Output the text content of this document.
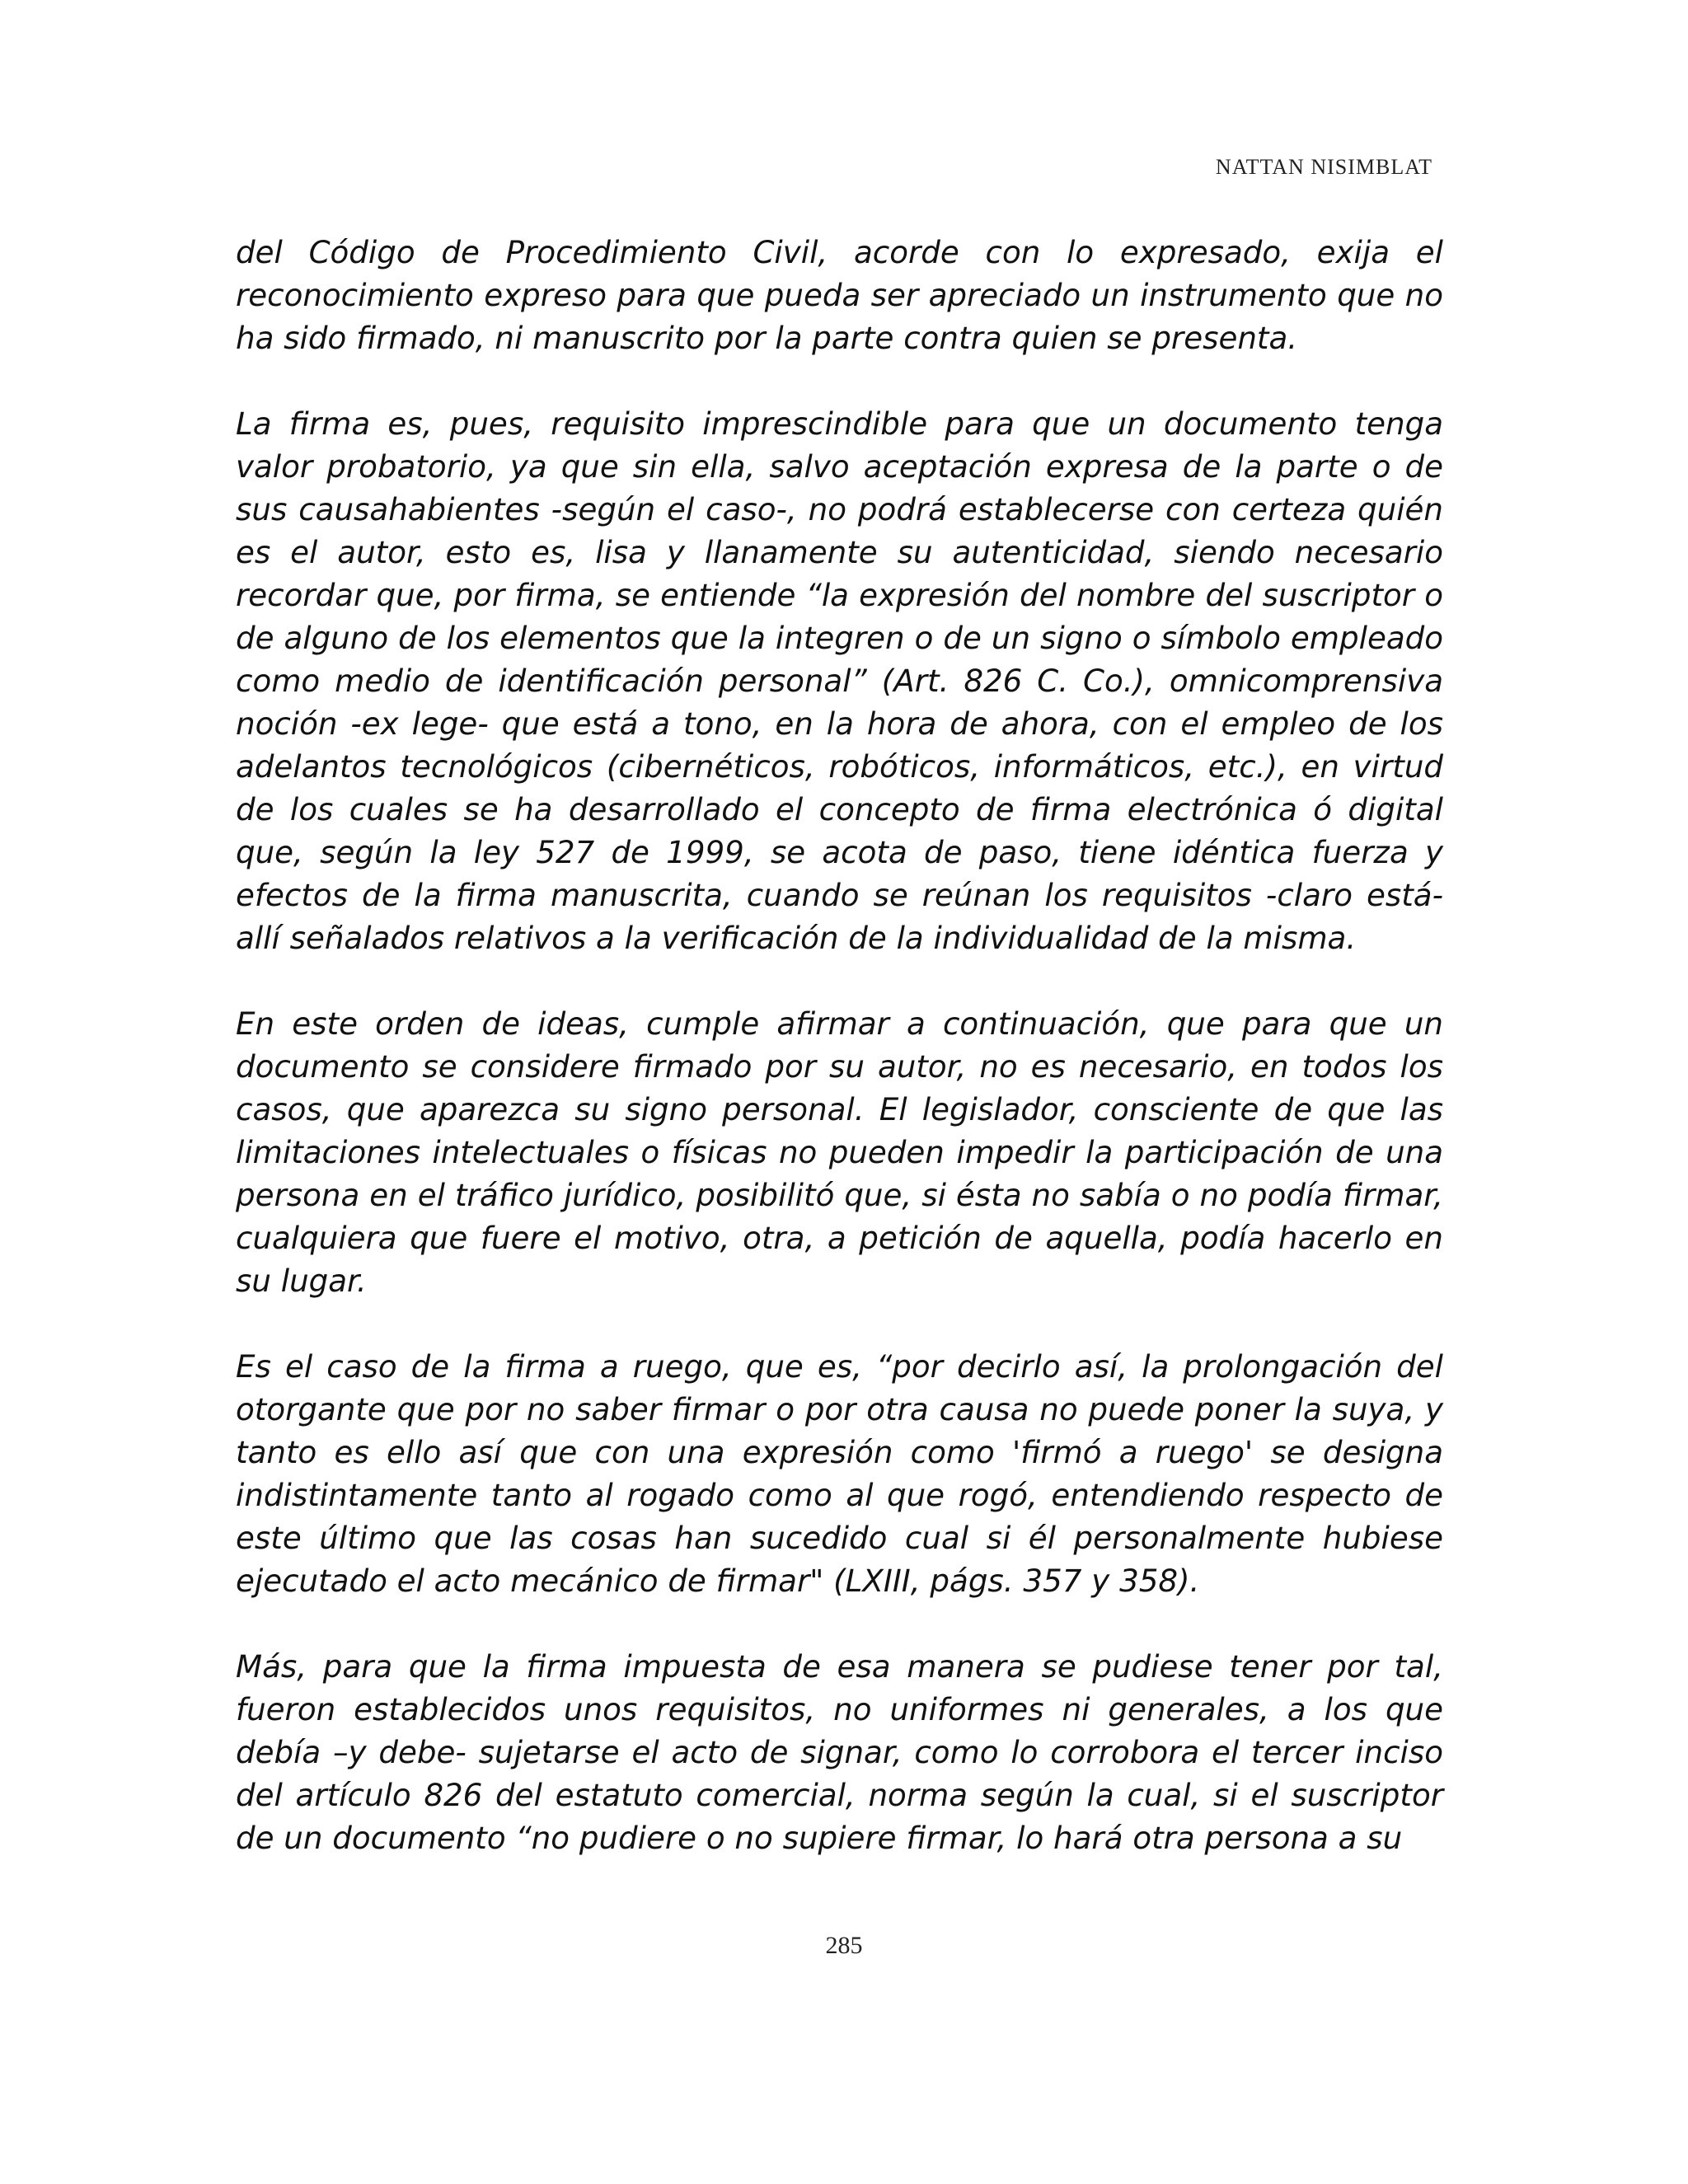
NATTAN NISIMBLAT

del Código de Procedimiento Civil, acorde con lo expresado, exija el reconocimiento expreso para que pueda ser apreciado un instrumento que no ha sido firmado, ni manuscrito por la parte contra quien se presenta.

La firma es, pues, requisito imprescindible para que un documento tenga valor probatorio, ya que sin ella, salvo aceptación expresa de la parte o de sus causahabientes -según el caso-, no podrá establecerse con certeza quién es el autor, esto es, lisa y llanamente su autenticidad, siendo necesario recordar que, por firma, se entiende “la expresión del nombre del suscriptor o de alguno de los elementos que la integren o de un signo o símbolo empleado como medio de identificación personal” (Art. 826 C. Co.), omnicomprensiva noción -ex lege- que está a tono, en la hora de ahora, con el empleo de los adelantos tecnológicos (cibernéticos, robóticos, informáticos, etc.), en virtud de los cuales se ha desarrollado el concepto de firma electrónica ó digital que, según la ley 527 de 1999, se acota de paso, tiene idéntica fuerza y efectos de la firma manuscrita, cuando se reúnan los requisitos -claro está- allí señalados relativos a la verificación de la individualidad de la misma.

En este orden de ideas, cumple afirmar a continuación, que para que un documento se considere firmado por su autor, no es necesario, en todos los casos, que aparezca su signo personal. El legislador, consciente de que las limitaciones intelectuales o físicas no pueden impedir la participación de una persona en el tráfico jurídico, posibilitó que, si ésta no sabía o no podía firmar, cualquiera que fuere el motivo, otra, a petición de aquella, podía hacerlo en su lugar.

Es el caso de la firma a ruego, que es, “por decirlo así, la prolongación del otorgante que por no saber firmar o por otra causa no puede poner la suya, y tanto es ello así que con una expresión como 'firmó a ruego' se designa indistintamente tanto al rogado como al que rogó, entendiendo respecto de este último que las cosas han sucedido cual si él personalmente hubiese ejecutado el acto mecánico de firmar" (LXIII, págs. 357 y 358).

Más, para que la firma impuesta de esa manera se pudiese tener por tal, fueron establecidos unos requisitos, no uniformes ni generales, a los que debía –y debe- sujetarse el acto de signar, como lo corrobora el tercer inciso del artículo 826 del estatuto comercial, norma según la cual, si el suscriptor de un documento “no pudiere o no supiere firmar, lo hará otra persona a su

285
